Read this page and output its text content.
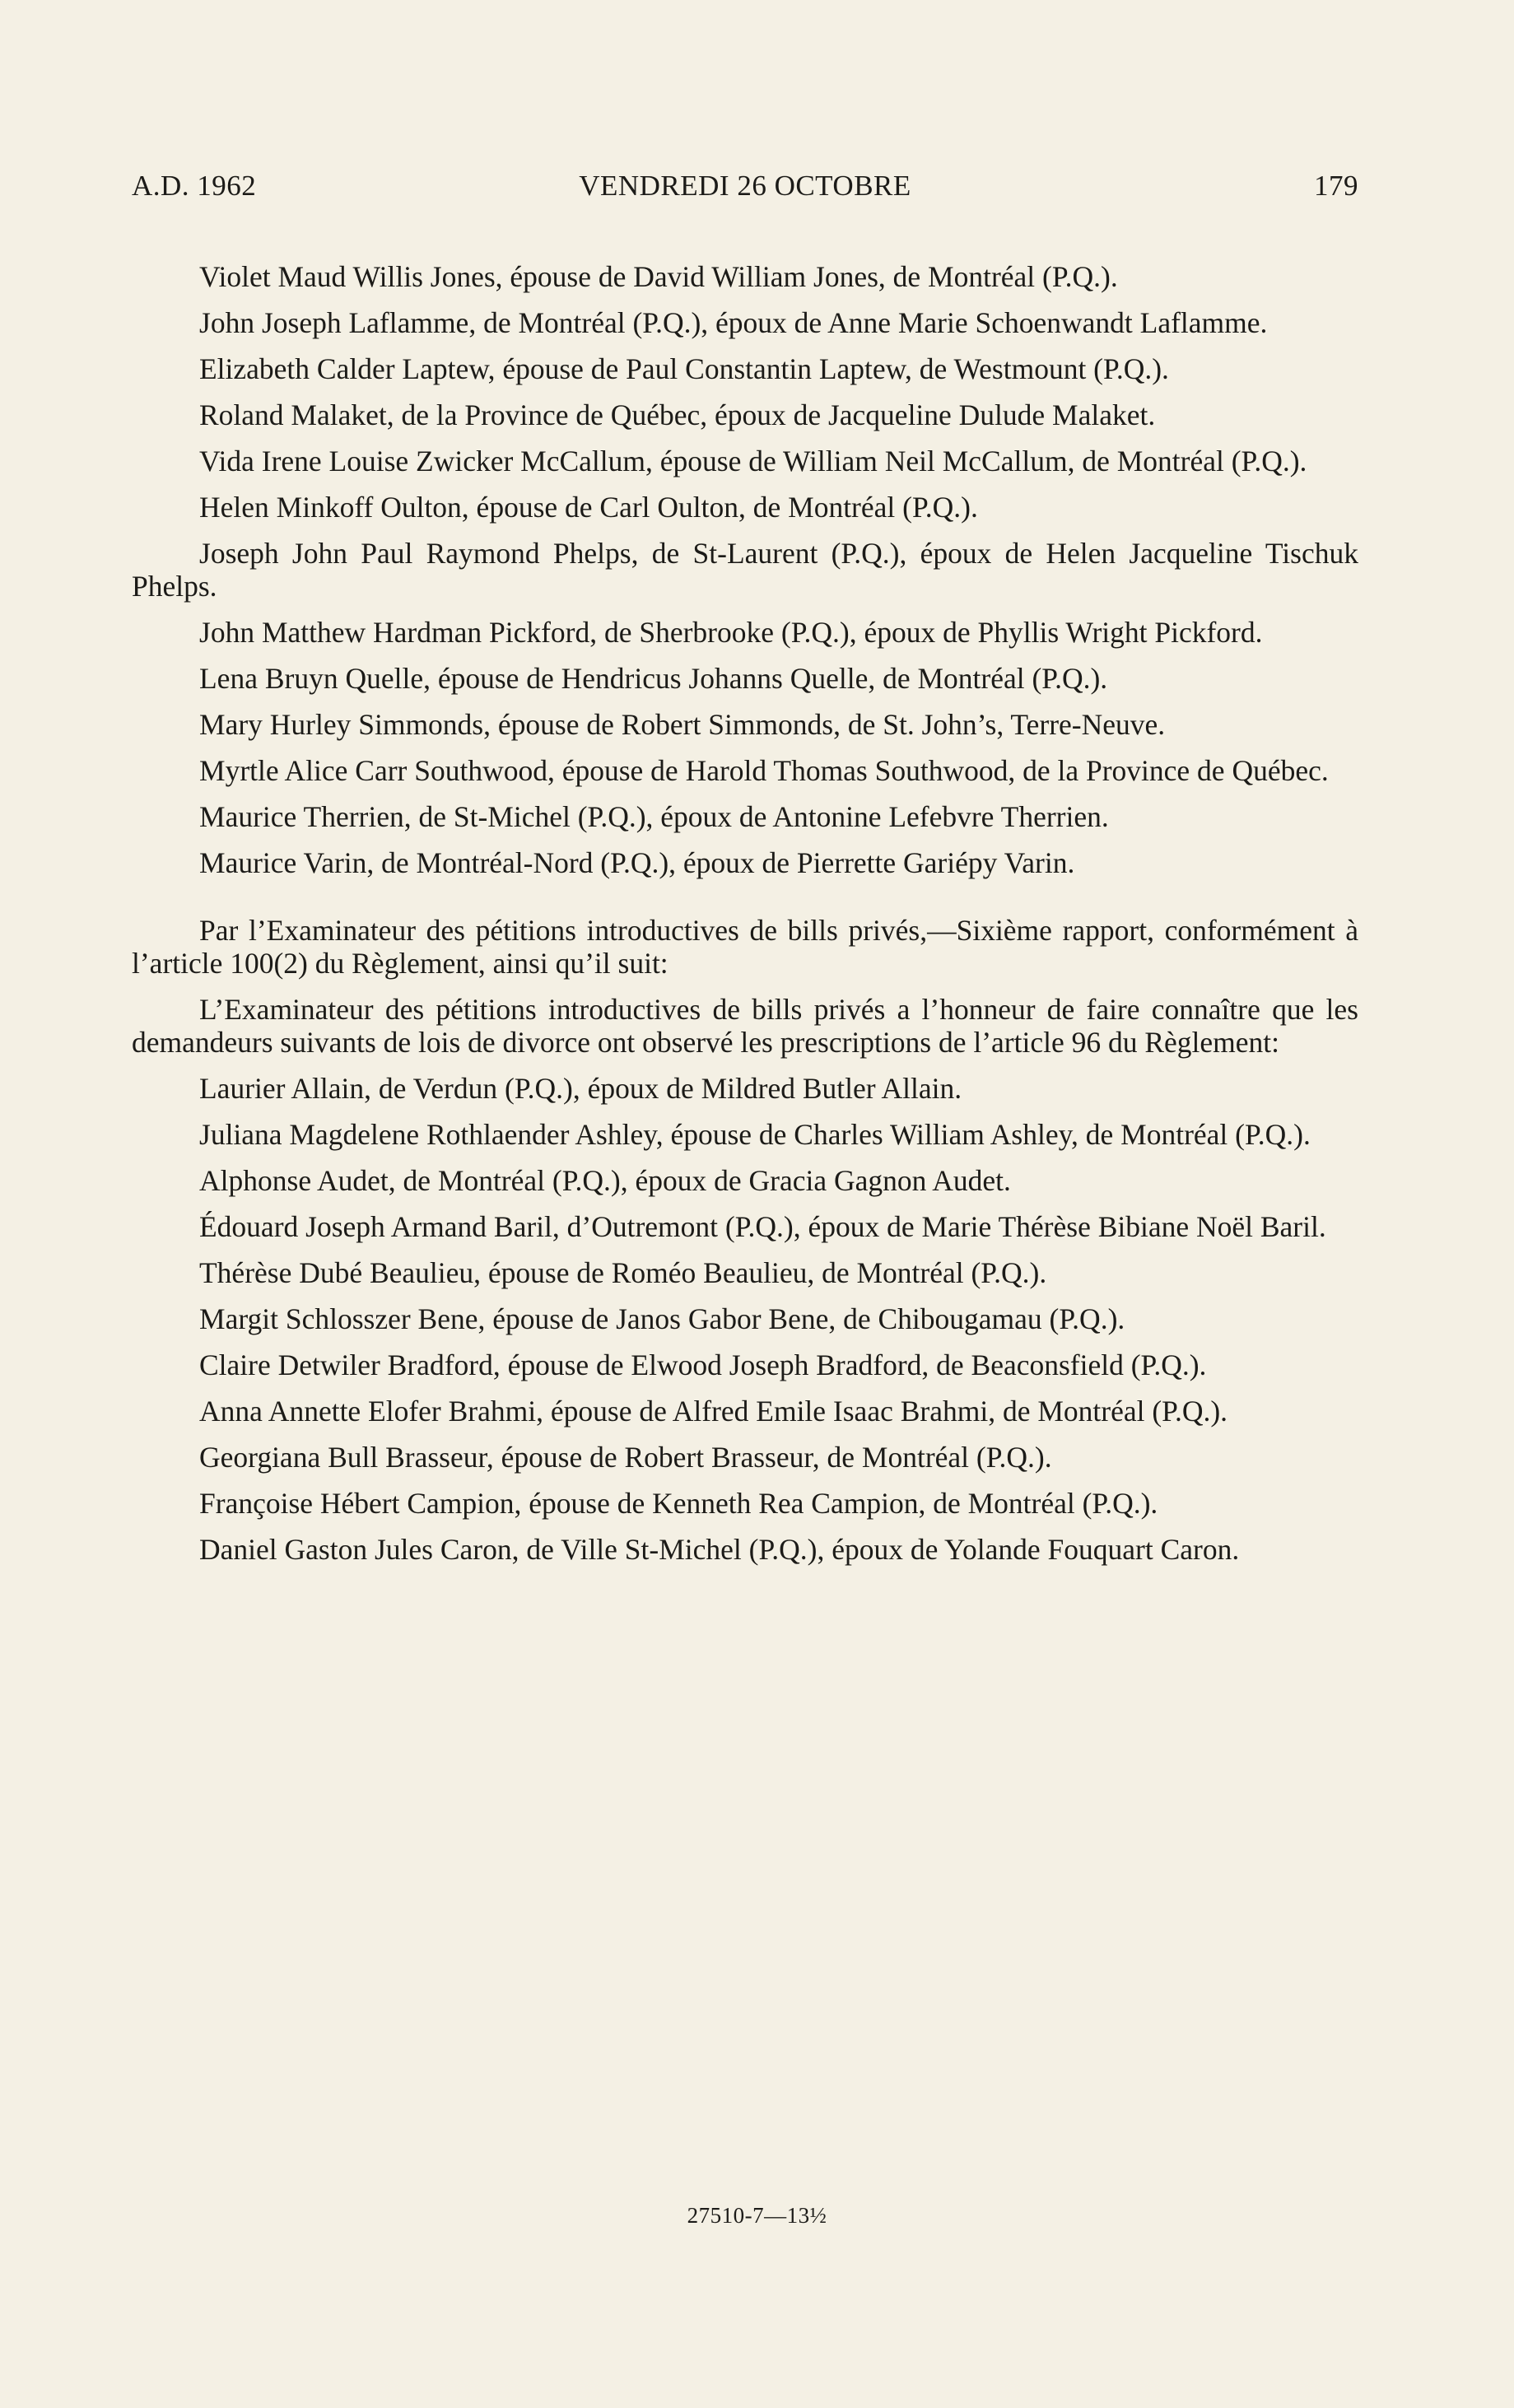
A.D. 1962	VENDREDI 26 OCTOBRE	179

Violet Maud Willis Jones, épouse de David William Jones, de Montréal (P.Q.).

John Joseph Laflamme, de Montréal (P.Q.), époux de Anne Marie Schoenwandt Laflamme.

Elizabeth Calder Laptew, épouse de Paul Constantin Laptew, de Westmount (P.Q.).

Roland Malaket, de la Province de Québec, époux de Jacqueline Dulude Malaket.

Vida Irene Louise Zwicker McCallum, épouse de William Neil McCallum, de Montréal (P.Q.).

Helen Minkoff Oulton, épouse de Carl Oulton, de Montréal (P.Q.).

Joseph John Paul Raymond Phelps, de St-Laurent (P.Q.), époux de Helen Jacqueline Tischuk Phelps.

John Matthew Hardman Pickford, de Sherbrooke (P.Q.), époux de Phyllis Wright Pickford.

Lena Bruyn Quelle, épouse de Hendricus Johanns Quelle, de Montréal (P.Q.).

Mary Hurley Simmonds, épouse de Robert Simmonds, de St. John’s, Terre-Neuve.

Myrtle Alice Carr Southwood, épouse de Harold Thomas Southwood, de la Province de Québec.

Maurice Therrien, de St-Michel (P.Q.), époux de Antonine Lefebvre Therrien.

Maurice Varin, de Montréal-Nord (P.Q.), époux de Pierrette Gariépy Varin.

Par l’Examinateur des pétitions introductives de bills privés,—Sixième rapport, conformément à l’article 100(2) du Règlement, ainsi qu’il suit:

L’Examinateur des pétitions introductives de bills privés a l’honneur de faire connaître que les demandeurs suivants de lois de divorce ont observé les prescriptions de l’article 96 du Règlement:

Laurier Allain, de Verdun (P.Q.), époux de Mildred Butler Allain.

Juliana Magdelene Rothlaender Ashley, épouse de Charles William Ashley, de Montréal (P.Q.).

Alphonse Audet, de Montréal (P.Q.), époux de Gracia Gagnon Audet.

Édouard Joseph Armand Baril, d’Outremont (P.Q.), époux de Marie Thérèse Bibiane Noël Baril.

Thérèse Dubé Beaulieu, épouse de Roméo Beaulieu, de Montréal (P.Q.).

Margit Schlosszer Bene, épouse de Janos Gabor Bene, de Chibougamau (P.Q.).

Claire Detwiler Bradford, épouse de Elwood Joseph Bradford, de Beaconsfield (P.Q.).

Anna Annette Elofer Brahmi, épouse de Alfred Emile Isaac Brahmi, de Montréal (P.Q.).

Georgiana Bull Brasseur, épouse de Robert Brasseur, de Montréal (P.Q.).

Françoise Hébert Campion, épouse de Kenneth Rea Campion, de Montréal (P.Q.).

Daniel Gaston Jules Caron, de Ville St-Michel (P.Q.), époux de Yolande Fouquart Caron.

27510-7—13½
